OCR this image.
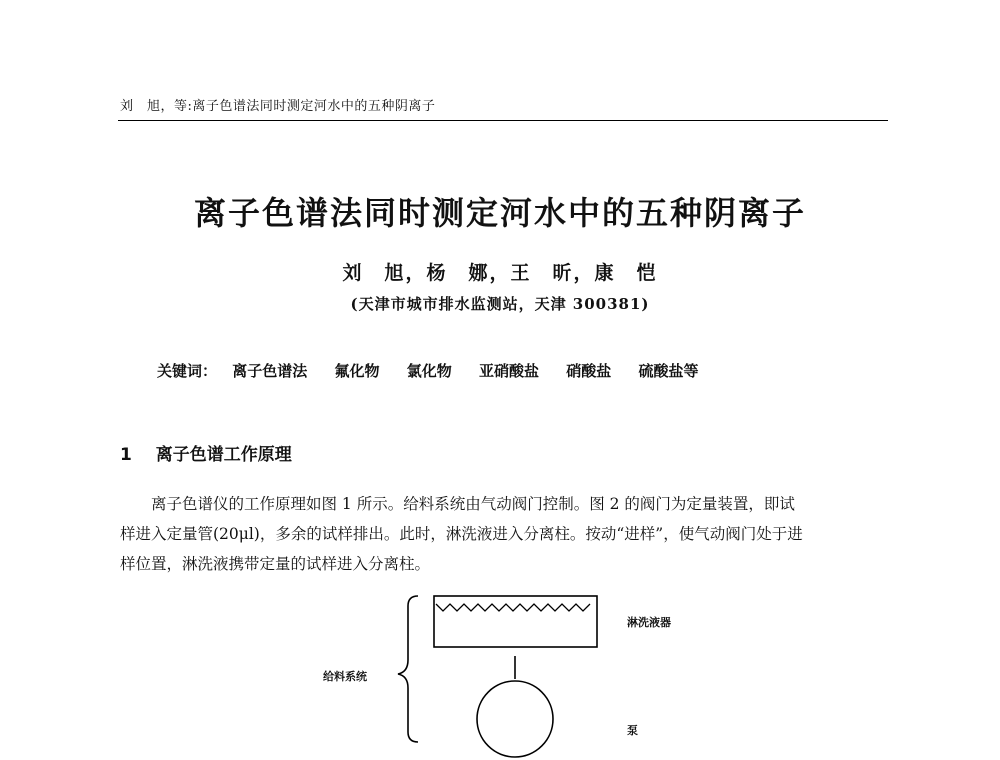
刘　旭，等:离子色谱法同时测定河水中的五种阴离子
离子色谱法同时测定河水中的五种阴离子
刘　旭，杨　娜，王　昕，康　恺
(天津市城市排水监测站，天津 300381)
关键词： 离子色谱法 氟化物 氯化物 亚硝酸盐 硝酸盐 硫酸盐等
1 离子色谱工作原理
　　离子色谱仪的工作原理如图 1 所示。给料系统由气动阀门控制。图 2 的阀门为定量装置，即试
样进入定量管(20μl)，多余的试样排出。此时，淋洗液进入分离柱。按动“进样”，使气动阀门处于进
样位置，淋洗液携带定量的试样进入分离柱。
淋洗液器
给料系统
泵
